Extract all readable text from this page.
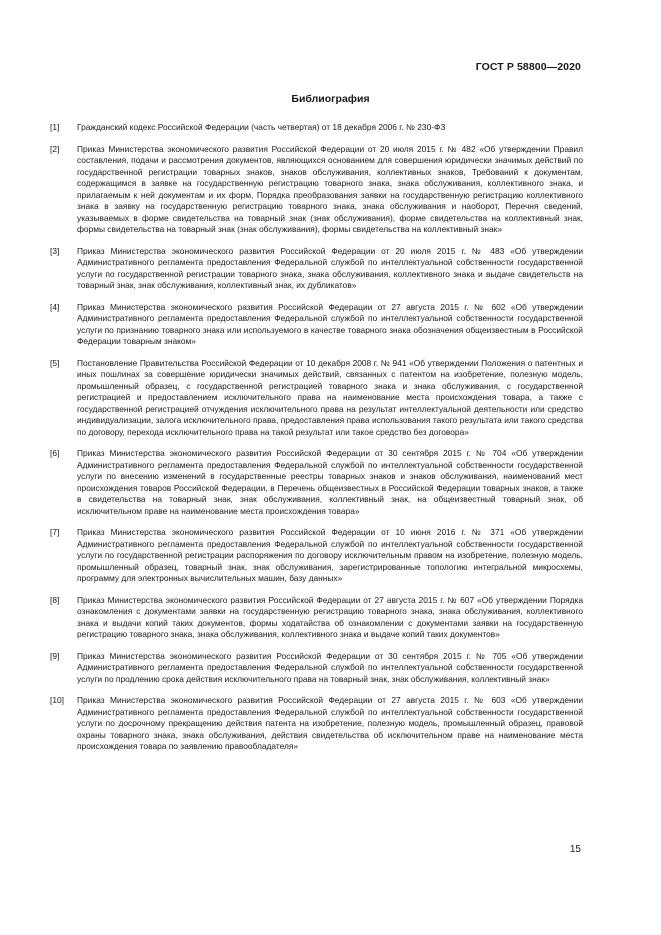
ГОСТ Р 58800—2020
Библиография
[1]	Гражданский кодекс Российской Федерации (часть четвертая) от 18 декабря 2006 г. № 230-ФЗ
[2]	Приказ Министерства экономического развития Российской Федерации от 20 июля 2015 г. № 482 «Об утверждении Правил составления, подачи и рассмотрения документов, являющихся основанием для совершения юридически значимых действий по государственной регистрации товарных знаков, знаков обслуживания, коллективных знаков, Требований к документам, содержащимся в заявке на государственную регистрацию товарного знака, знака обслуживания, коллективного знака, и прилагаемым к ней документам и их форм, Порядка преобразования заявки на государственную регистрацию коллективного знака в заявку на государственную регистрацию товарного знака, знака обслуживания и наоборот, Перечня сведений, указываемых в форме свидетельства на товарный знак (знак обслуживания), форме свидетельства на коллективный знак, формы свидетельства на товарный знак (знак обслуживания), формы свидетельства на коллективный знак»
[3]	Приказ Министерства экономического развития Российской Федерации от 20 июля 2015 г. № 483 «Об утверждении Административного регламента предоставления Федеральной службой по интеллектуальной собственности государственной услуги по государственной регистрации товарного знака, знака обслуживания, коллективного знака и выдаче свидетельств на товарный знак, знак обслуживания, коллективный знак, их дубликатов»
[4]	Приказ Министерства экономического развития Российской Федерации от 27 августа 2015 г. № 602 «Об утверждении Административного регламента предоставления Федеральной службой по интеллектуальной собственности государственной услуги по признанию товарного знака или используемого в качестве товарного знака обозначения общеизвестным в Российской Федерации товарным знаком»
[5]	Постановление Правительства Российской Федерации от 10 декабря 2008 г. № 941 «Об утверждении Положения о патентных и иных пошлинах за совершение юридически значимых действий, связанных с патентом на изобретение, полезную модель, промышленный образец, с государственной регистрацией товарного знака и знака обслуживания, с государственной регистрацией и предоставлением исключительного права на наименование места происхождения товара, а также с государственной регистрацией отчуждения исключительного права на результат интеллектуальной деятельности или средство индивидуализации, залога исключительного права, предоставления права использования такого результата или такого средства по договору, перехода исключительного права на такой результат или такое средство без договора»
[6]	Приказ Министерства экономического развития Российской Федерации от 30 сентября 2015 г. № 704 «Об утверждении Административного регламента предоставления Федеральной службой по интеллектуальной собственности государственной услуги по внесению изменений в государственные реестры товарных знаков и знаков обслуживания, наименований мест происхождения товаров Российской Федерации, в Перечень общеизвестных в Российской Федерации товарных знаков, а также в свидетельства на товарный знак, знак обслуживания, коллективный знак, на общеизвестный товарный знак, об исключительном праве на наименование места происхождения товара»
[7]	Приказ Министерства экономического развития Российской Федерации от 10 июня 2016 г. № 371 «Об утверждении Административного регламента предоставления Федеральной службой по интеллектуальной собственности государственной услуги по государственной регистрации распоряжения по договору исключительным правом на изобретение, полезную модель, промышленный образец, товарный знак, знак обслуживания, зарегистрированные топологию интегральной микросхемы, программу для электронных вычислительных машин, базу данных»
[8]	Приказ Министерства экономического развития Российской Федерации от 27 августа 2015 г. № 607 «Об утверждении Порядка ознакомления с документами заявки на государственную регистрацию товарного знака, знака обслуживания, коллективного знака и выдачи копий таких документов, формы ходатайства об ознакомлении с документами заявки на государственную регистрацию товарного знака, знака обслуживания, коллективного знака и выдаче копий таких документов»
[9]	Приказ Министерства экономического развития Российской Федерации от 30 сентября 2015 г. № 705 «Об утверждении Административного регламента предоставления Федеральной службой по интеллектуальной собственности государственной услуги по продлению срока действия исключительного права на товарный знак, знак обслуживания, коллективный знак»
[10]	Приказ Министерства экономического развития Российской Федерации от 27 августа 2015 г. № 603 «Об утверждении Административного регламента предоставления Федеральной службой по интеллектуальной собственности государственной услуги по досрочному прекращению действия патента на изобретение, полезную модель, промышленный образец, правовой охраны товарного знака, знака обслуживания, действия свидетельства об исключительном праве на наименование места происхождения товара по заявлению правообладателя»
15
